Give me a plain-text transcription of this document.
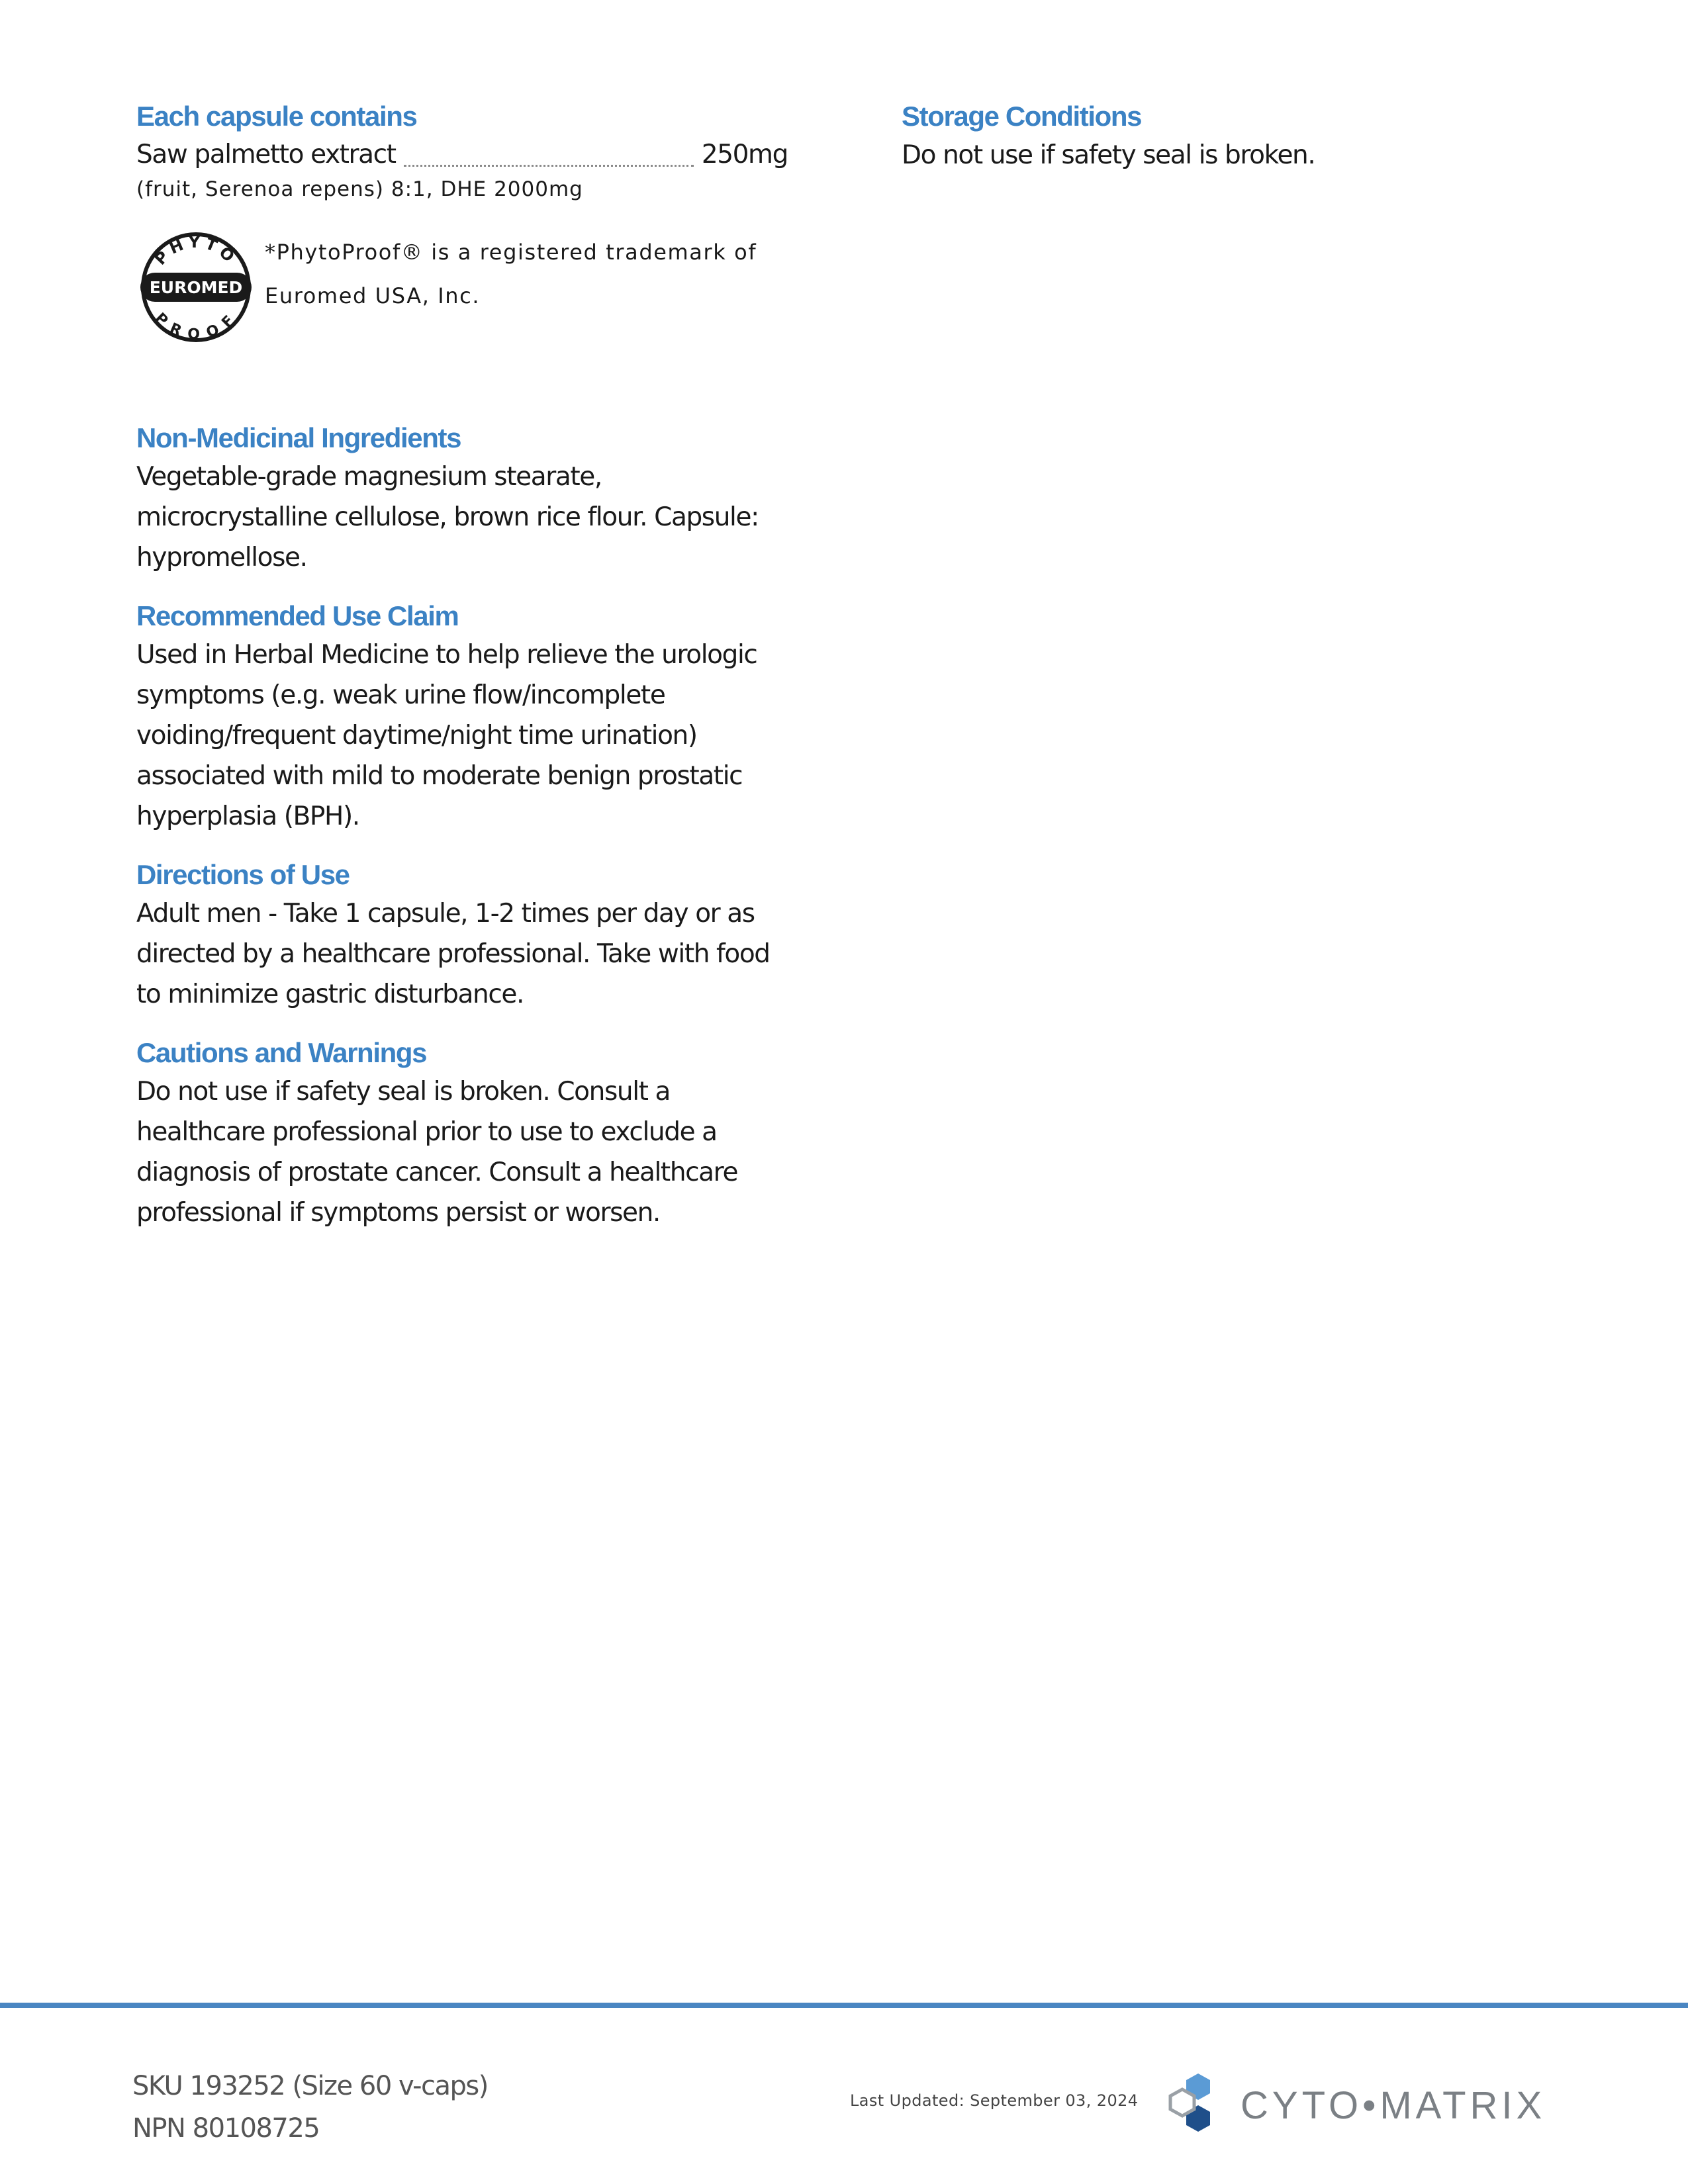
Each capsule contains
Saw palmetto extract	250mg
(fruit, Serenoa repens) 8:1, DHE 2000mg
PHYTO
EUROMED
PROOF
*PhytoProof® is a registered trademark of
Euromed USA, Inc.
Non-Medicinal Ingredients

Vegetable-grade magnesium stearate,

microcrystalline cellulose, brown rice flour. Capsule:

hypromellose.

Recommended Use Claim

Used in Herbal Medicine to help relieve the urologic

symptoms (e.g. weak urine flow/incomplete

voiding/frequent daytime/night time urination)

associated with mild to moderate benign prostatic

hyperplasia (BPH).

Directions of Use

Adult men - Take 1 capsule, 1-2 times per day or as

directed by a healthcare professional. Take with food

to minimize gastric disturbance.

Cautions and Warnings

Do not use if safety seal is broken. Consult a

healthcare professional prior to use to exclude a

diagnosis of prostate cancer. Consult a healthcare

professional if symptoms persist or worsen.

Storage Conditions

Do not use if safety seal is broken.

SKU 193252 (Size 60 v-caps)
NPN 80108725
Last Updated: September 03, 2024	CYTO•MATRIX
